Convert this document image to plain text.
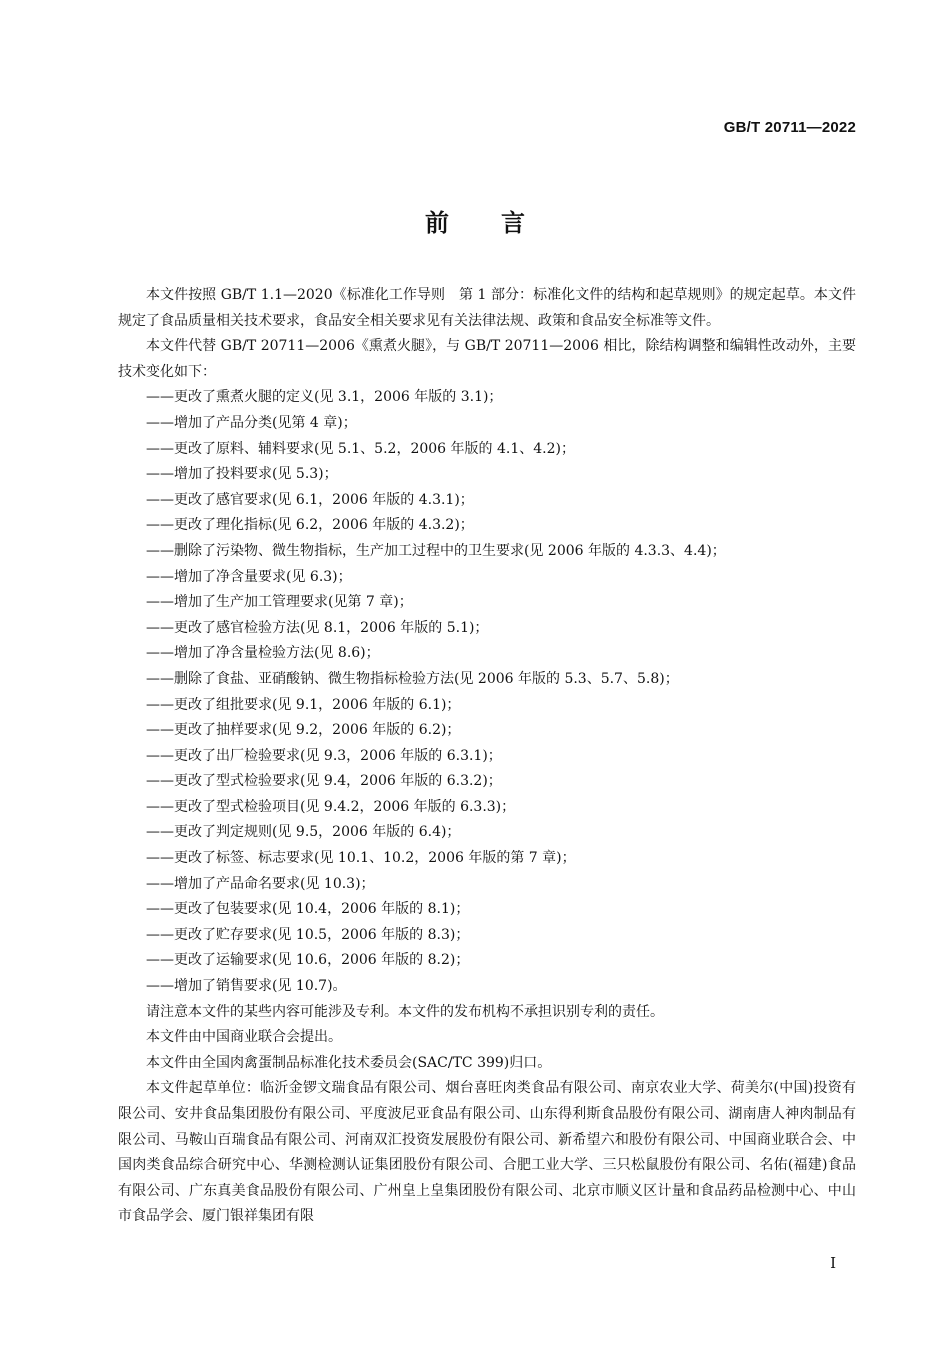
GB/T 20711—2022
前言

本文件按照 GB/T 1.1—2020《标准化工作导则　第 1 部分：标准化文件的结构和起草规则》的规定起草。本文件规定了食品质量相关技术要求，食品安全相关要求见有关法律法规、政策和食品安全标准等文件。

本文件代替 GB/T 20711—2006《熏煮火腿》，与 GB/T 20711—2006 相比，除结构调整和编辑性改动外，主要技术变化如下：

——更改了熏煮火腿的定义(见 3.1，2006 年版的 3.1)；
——增加了产品分类(见第 4 章)；
——更改了原料、辅料要求(见 5.1、5.2，2006 年版的 4.1、4.2)；
——增加了投料要求(见 5.3)；
——更改了感官要求(见 6.1，2006 年版的 4.3.1)；
——更改了理化指标(见 6.2，2006 年版的 4.3.2)；
——删除了污染物、微生物指标，生产加工过程中的卫生要求(见 2006 年版的 4.3.3、4.4)；
——增加了净含量要求(见 6.3)；
——增加了生产加工管理要求(见第 7 章)；
——更改了感官检验方法(见 8.1，2006 年版的 5.1)；
——增加了净含量检验方法(见 8.6)；
——删除了食盐、亚硝酸钠、微生物指标检验方法(见 2006 年版的 5.3、5.7、5.8)；
——更改了组批要求(见 9.1，2006 年版的 6.1)；
——更改了抽样要求(见 9.2，2006 年版的 6.2)；
——更改了出厂检验要求(见 9.3，2006 年版的 6.3.1)；
——更改了型式检验要求(见 9.4，2006 年版的 6.3.2)；
——更改了型式检验项目(见 9.4.2，2006 年版的 6.3.3)；
——更改了判定规则(见 9.5，2006 年版的 6.4)；
——更改了标签、标志要求(见 10.1、10.2，2006 年版的第 7 章)；
——增加了产品命名要求(见 10.3)；
——更改了包装要求(见 10.4，2006 年版的 8.1)；
——更改了贮存要求(见 10.5，2006 年版的 8.3)；
——更改了运输要求(见 10.6，2006 年版的 8.2)；
——增加了销售要求(见 10.7)。

请注意本文件的某些内容可能涉及专利。本文件的发布机构不承担识别专利的责任。

本文件由中国商业联合会提出。

本文件由全国肉禽蛋制品标准化技术委员会(SAC/TC 399)归口。

本文件起草单位：临沂金锣文瑞食品有限公司、烟台喜旺肉类食品有限公司、南京农业大学、荷美尔(中国)投资有限公司、安井食品集团股份有限公司、平度波尼亚食品有限公司、山东得利斯食品股份有限公司、湖南唐人神肉制品有限公司、马鞍山百瑞食品有限公司、河南双汇投资发展股份有限公司、新希望六和股份有限公司、中国商业联合会、中国肉类食品综合研究中心、华测检测认证集团股份有限公司、合肥工业大学、三只松鼠股份有限公司、名佑(福建)食品有限公司、广东真美食品股份有限公司、广州皇上皇集团股份有限公司、北京市顺义区计量和食品药品检测中心、中山市食品学会、厦门银祥集团有限

I
